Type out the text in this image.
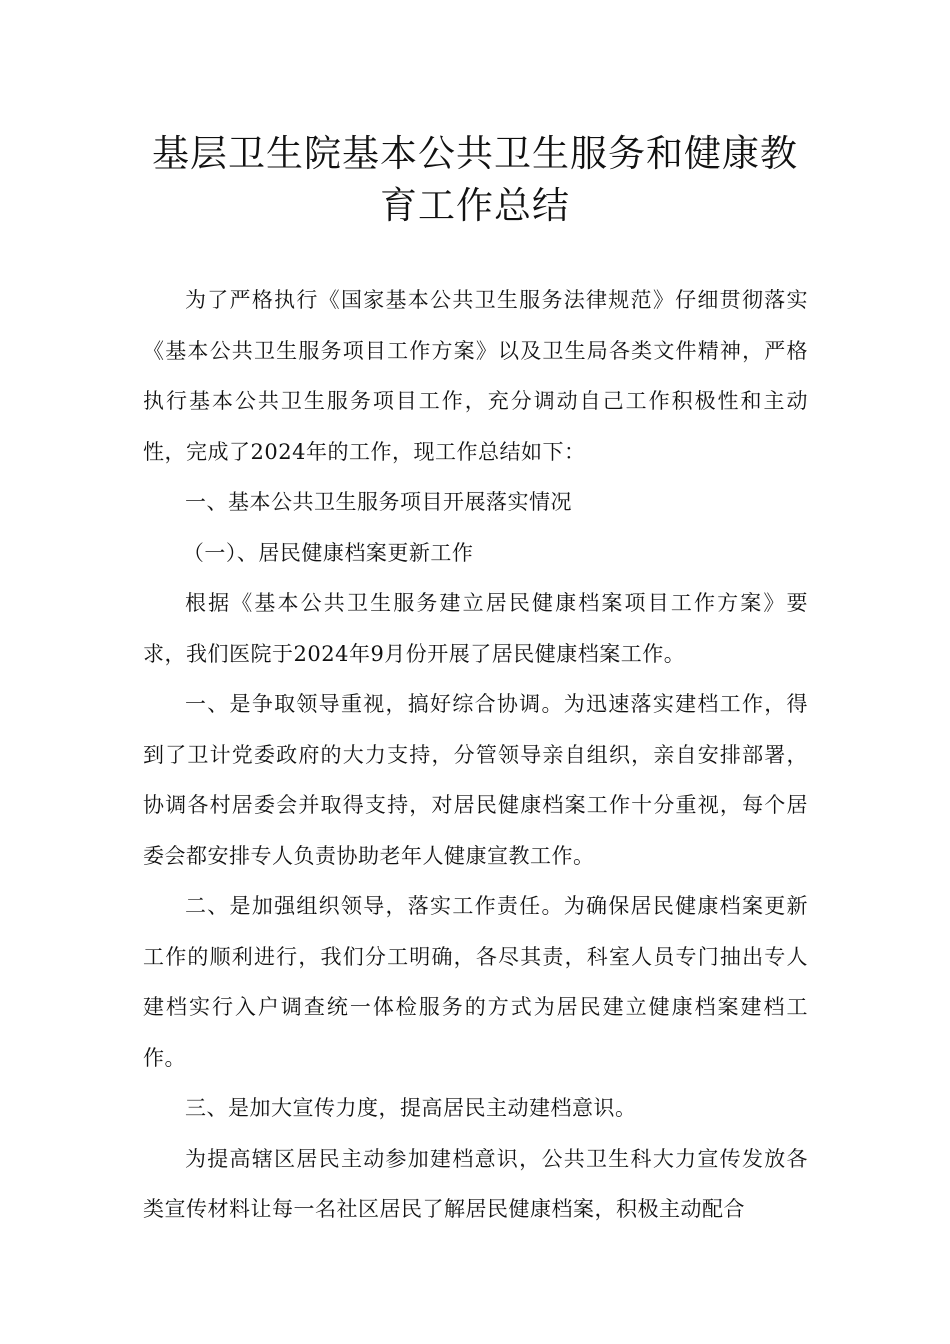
基层卫生院基本公共卫生服务和健康教
育工作总结

为了严格执行《国家基本公共卫生服务法律规范》仔细贯彻落实《基本公共卫生服务项目工作方案》以及卫生局各类文件精神，严格执行基本公共卫生服务项目工作，充分调动自己工作积极性和主动性，完成了2024年的工作，现工作总结如下：

一、基本公共卫生服务项目开展落实情况

（一）、居民健康档案更新工作

根据《基本公共卫生服务建立居民健康档案项目工作方案》要求，我们医院于2024年9月份开展了居民健康档案工作。

一、是争取领导重视，搞好综合协调。为迅速落实建档工作，得到了卫计党委政府的大力支持，分管领导亲自组织，亲自安排部署，协调各村居委会并取得支持，对居民健康档案工作十分重视，每个居委会都安排专人负责协助老年人健康宣教工作。

二、是加强组织领导，落实工作责任。为确保居民健康档案更新工作的顺利进行，我们分工明确，各尽其责，科室人员专门抽出专人建档实行入户调查统一体检服务的方式为居民建立健康档案建档工作。

三、是加大宣传力度，提高居民主动建档意识。

为提高辖区居民主动参加建档意识，公共卫生科大力宣传发放各类宣传材料让每一名社区居民了解居民健康档案，积极主动配合
